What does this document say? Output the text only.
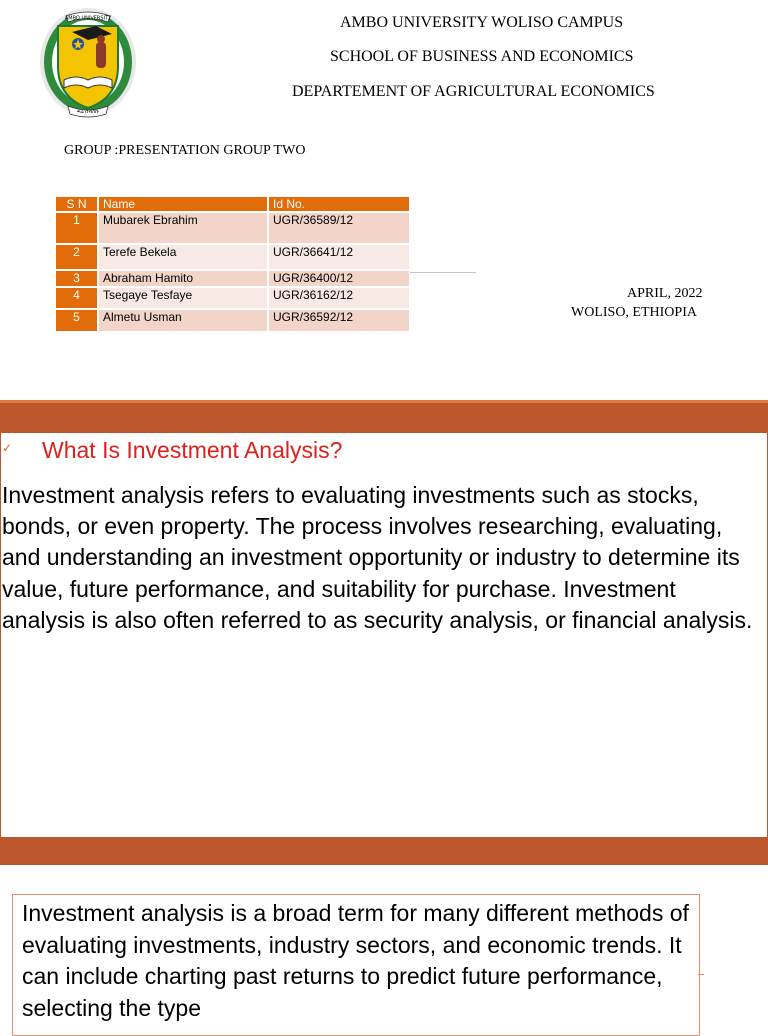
AMBO UNIVERSITY
ፍሬ ሰብስቡ
AMBO UNIVERSITY WOLISO CAMPUS
SCHOOL OF BUSINESS AND ECONOMICS
DEPARTEMENT OF AGRICULTURAL ECONOMICS
GROUP :PRESENTATION GROUP TWO
S N	Name	Id No.
1	Mubarek Ebrahim	UGR/36589/12
2	Terefe Bekela	UGR/36641/12
3	Abraham Hamito	UGR/36400/12
4	Tsegaye Tesfaye	UGR/36162/12
5	Almetu Usman	UGR/36592/12
APRIL, 2022
WOLISO, ETHIOPIA
✓ What Is Investment Analysis?

Investment analysis refers to evaluating investments such as stocks, bonds, or even property. The process involves researching, evaluating, and understanding an investment opportunity or industry to determine its value, future performance, and suitability for purchase. Investment analysis is also often referred to as security analysis, or financial analysis.

Investment analysis is a broad term for many different methods of evaluating investments, industry sectors, and economic trends. It can include charting past returns to predict future performance, selecting the type
